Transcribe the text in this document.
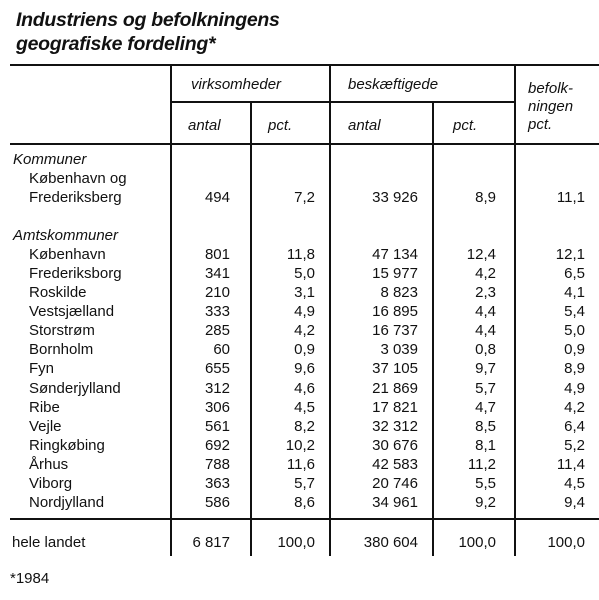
Industriens og befolkningens
geografiske fordeling*
virksomheder	beskæftigede	befolk-
ningen
pct.
antal	pct.	antal	pct.
Kommuner
København og
Frederiksberg	494	7,2	33 926	8,9	11,1
Amtskommuner
København	801	11,8	47 134	12,4	12,1
Frederiksborg	341	5,0	15 977	4,2	6,5
Roskilde	210	3,1	8 823	2,3	4,1
Vestsjælland	333	4,9	16 895	4,4	5,4
Storstrøm	285	4,2	16 737	4,4	5,0
Bornholm	60	0,9	3 039	0,8	0,9
Fyn	655	9,6	37 105	9,7	8,9
Sønderjylland	312	4,6	21 869	5,7	4,9
Ribe	306	4,5	17 821	4,7	4,2
Vejle	561	8,2	32 312	8,5	6,4
Ringkøbing	692	10,2	30 676	8,1	5,2
Århus	788	11,6	42 583	11,2	11,4
Viborg	363	5,7	20 746	5,5	4,5
Nordjylland	586	8,6	34 961	9,2	9,4
hele landet	6 817	100,0	380 604	100,0	100,0
*1984
